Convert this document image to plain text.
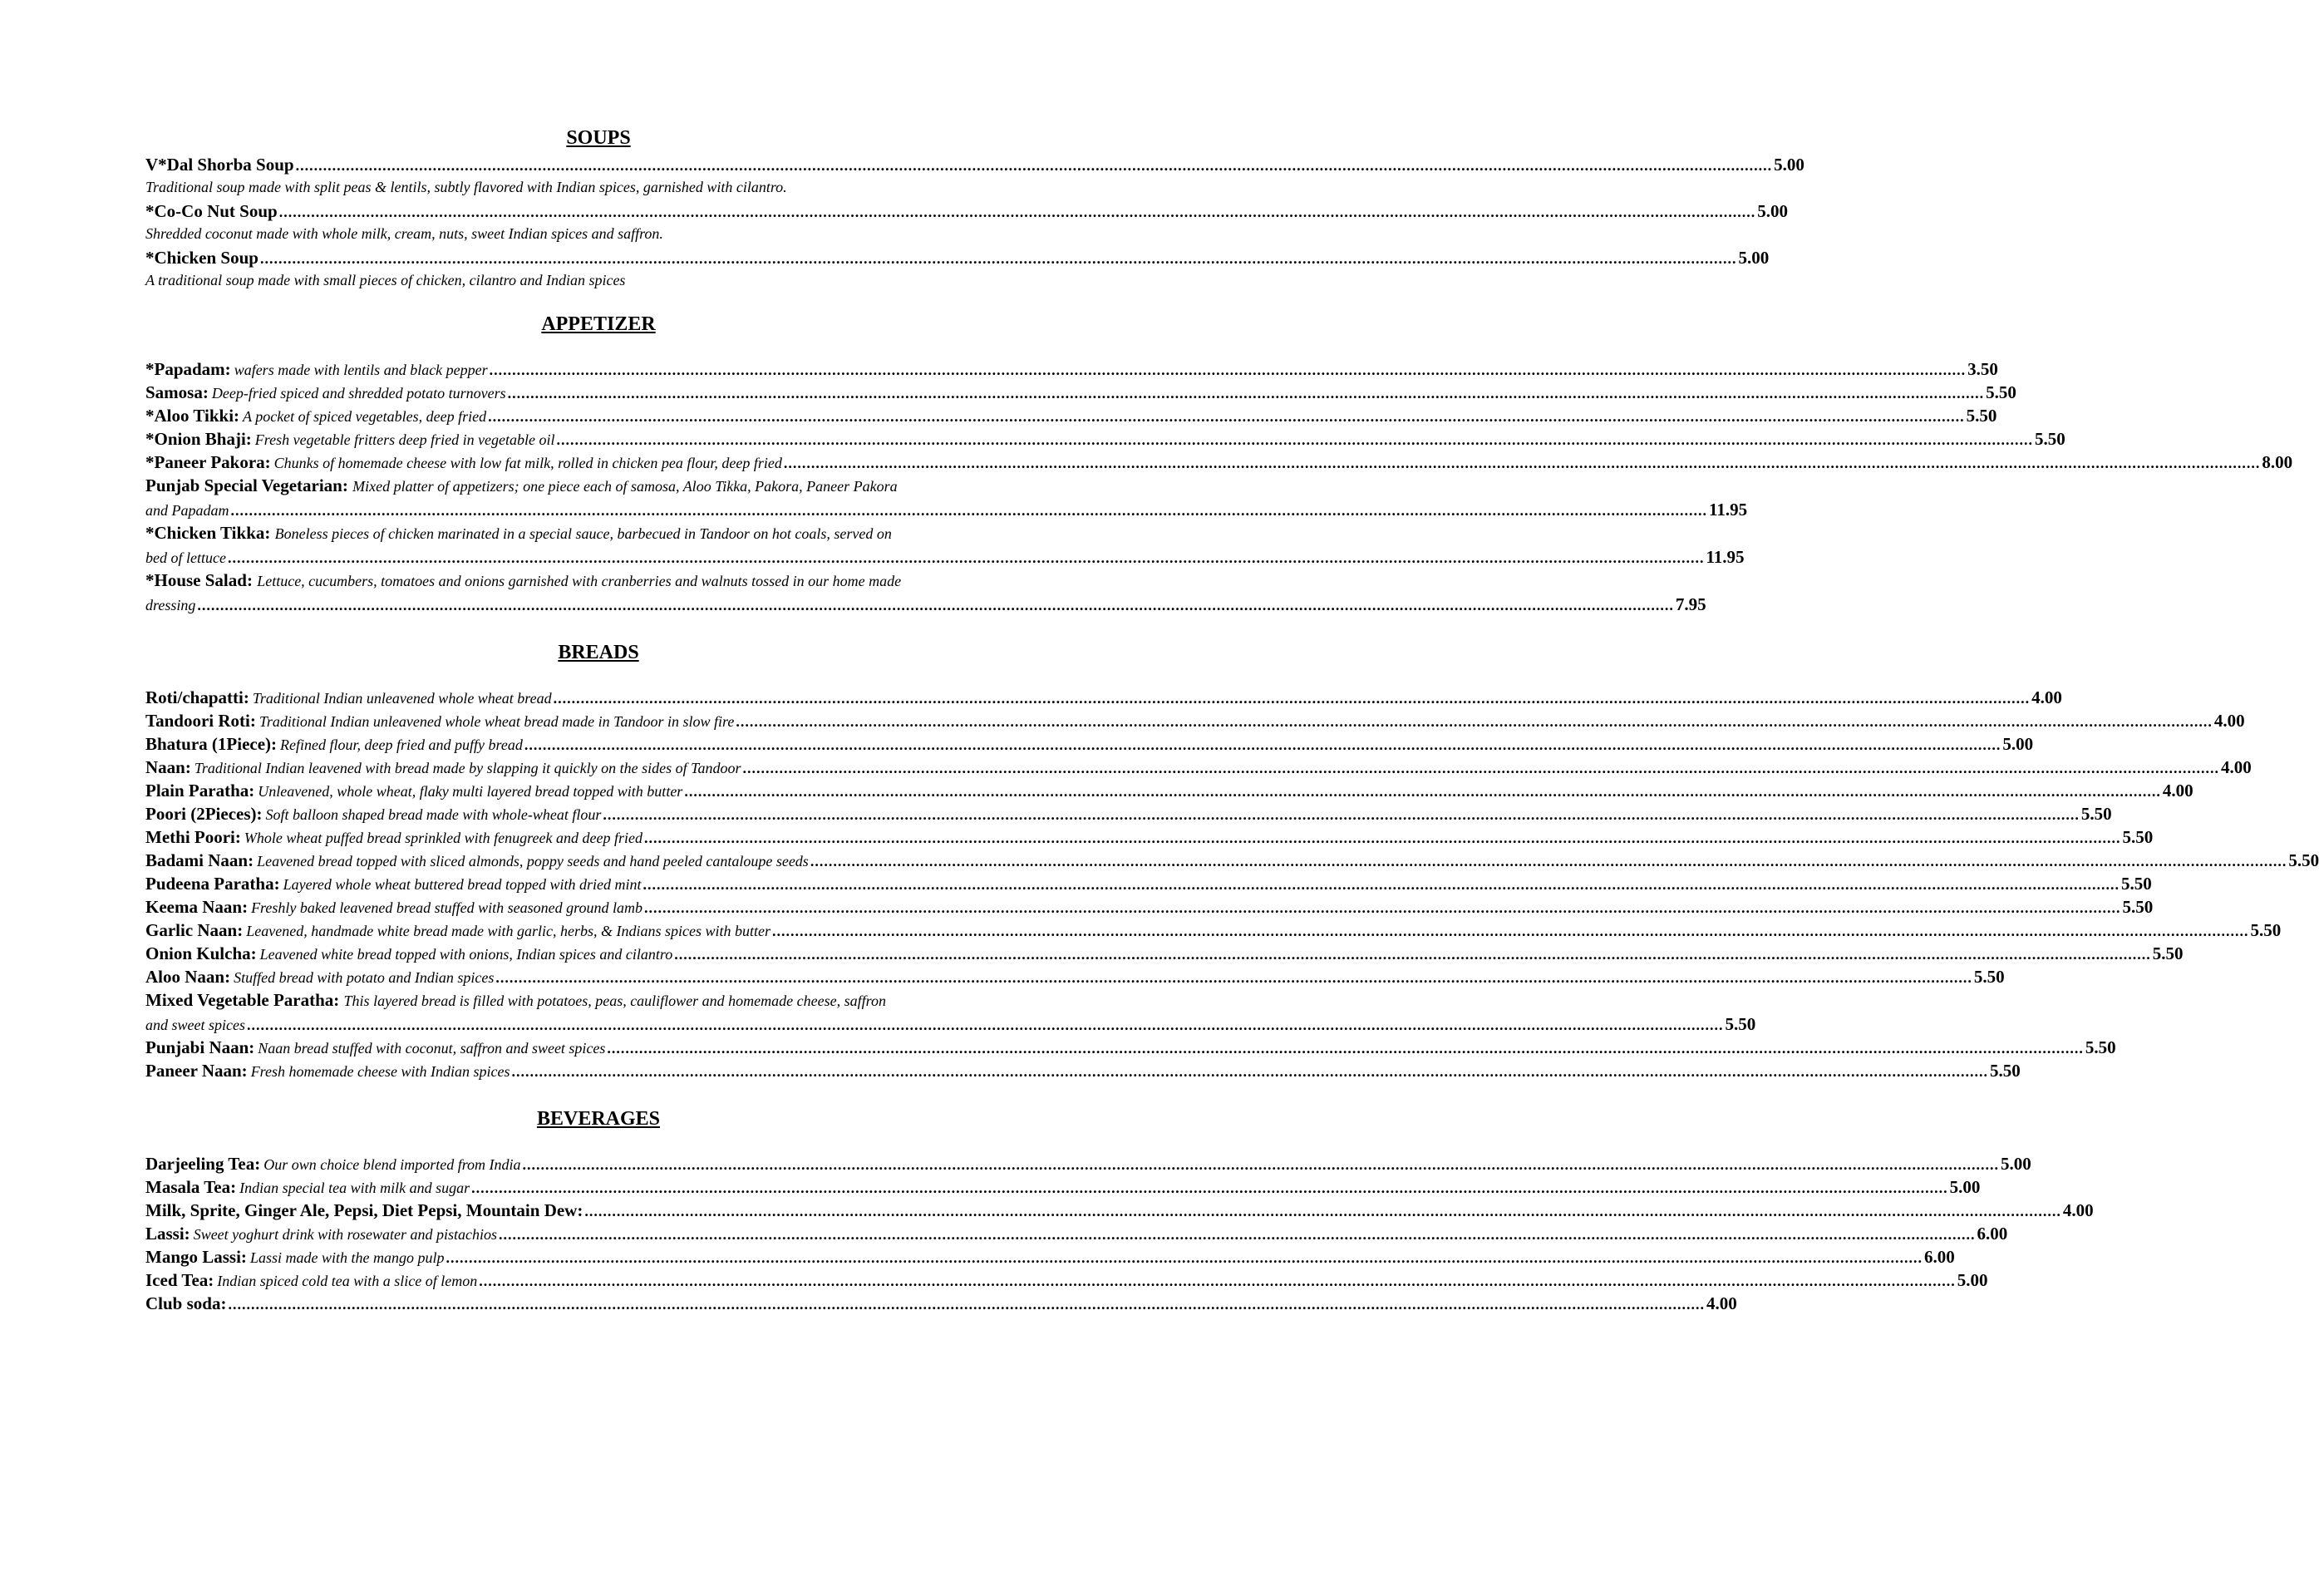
SOUPS
V*Dal Shorba Soup .....	5.00
Traditional soup made with split peas & lentils, subtly flavored with Indian spices, garnished with cilantro.
*Co-Co Nut Soup .....	5.00
Shredded coconut made with whole milk, cream, nuts, sweet Indian spices and saffron.
*Chicken Soup .....	5.00
A traditional soup made with small pieces of chicken, cilantro and Indian spices
APPETIZER
*Papadam: wafers made with lentils and black pepper .....	3.50
Samosa: Deep-fried spiced and shredded potato turnovers .....	5.50
*Aloo Tikki: A pocket of spiced vegetables, deep fried .....	5.50
*Onion Bhaji: Fresh vegetable fritters deep fried in vegetable oil .....	5.50
*Paneer Pakora: Chunks of homemade cheese with low fat milk, rolled in chicken pea flour, deep fried .....	8.00
Punjab Special Vegetarian: Mixed platter of appetizers; one piece each of samosa, Aloo Tikka, Pakora, Paneer Pakora
and Papadam .....	11.95
*Chicken Tikka: Boneless pieces of chicken marinated in a special sauce, barbecued in Tandoor on hot coals, served on
bed of lettuce .....	11.95
*House Salad: Lettuce, cucumbers, tomatoes and onions garnished with cranberries and walnuts tossed in our home made
dressing .....	7.95
BREADS
Roti/chapatti: Traditional Indian unleavened whole wheat bread .....	4.00
Tandoori Roti: Traditional Indian unleavened whole wheat bread made in Tandoor in slow fire .....	4.00
Bhatura (1Piece): Refined flour, deep fried and puffy bread .....	5.00
Naan: Traditional Indian leavened with bread made by slapping it quickly on the sides of Tandoor .....	4.00
Plain Paratha: Unleavened, whole wheat, flaky multi layered bread topped with butter .....	4.00
Poori (2Pieces): Soft balloon shaped bread made with whole-wheat flour .....	5.50
Methi Poori: Whole wheat puffed bread sprinkled with fenugreek and deep fried .....	5.50
Badami Naan: Leavened bread topped with sliced almonds, poppy seeds and hand peeled cantaloupe seeds .....	5.50
Pudeena Paratha: Layered whole wheat buttered bread topped with dried mint .....	5.50
Keema Naan: Freshly baked leavened bread stuffed with seasoned ground lamb .....	5.50
Garlic Naan: Leavened, handmade white bread made with garlic, herbs, & Indians spices with butter .....	5.50
Onion Kulcha: Leavened white bread topped with onions, Indian spices and cilantro .....	5.50
Aloo Naan: Stuffed bread with potato and Indian spices .....	5.50
Mixed Vegetable Paratha: This layered bread is filled with potatoes, peas, cauliflower and homemade cheese, saffron
and sweet spices .....	5.50
Punjabi Naan: Naan bread stuffed with coconut, saffron and sweet spices .....	5.50
Paneer Naan: Fresh homemade cheese with Indian spices .....	5.50
BEVERAGES
Darjeeling Tea: Our own choice blend imported from India .....	5.00
Masala Tea: Indian special tea with milk and sugar .....	5.00
Milk, Sprite, Ginger Ale, Pepsi, Diet Pepsi, Mountain Dew: .....	4.00
Lassi: Sweet yoghurt drink with rosewater and pistachios .....	6.00
Mango Lassi: Lassi made with the mango pulp .....	6.00
Iced Tea: Indian spiced cold tea with a slice of lemon .....	5.00
Club soda: .....	4.00
